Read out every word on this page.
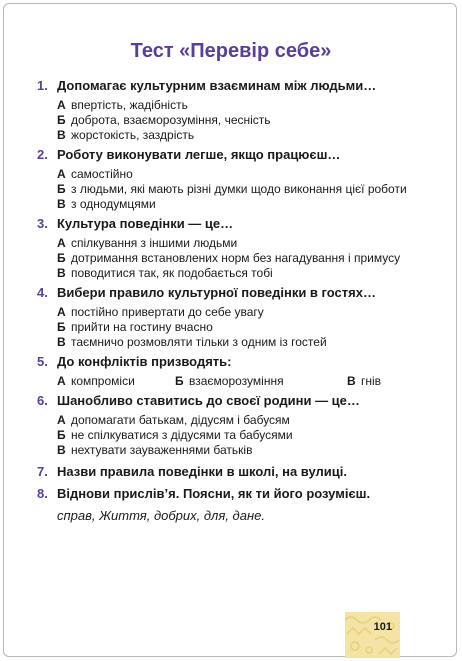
Тест «Перевір себе»
1. Допомагає культурним взаєминам між людьми…
А впертість, жадібність
Б доброта, взаєморозуміння, чесність
В жорстокість, заздрість
2. Роботу виконувати легше, якщо працюєш…
А самостійно
Б з людьми, які мають різні думки щодо виконання цієї роботи
В з однодумцями
3. Культура поведінки — це…
А спілкування з іншими людьми
Б дотримання встановлених норм без нагадування і примусу
В поводитися так, як подобається тобі
4. Вибери правило культурної поведінки в гостях…
А постійно привертати до себе увагу
Б прийти на гостину вчасно
В таємничо розмовляти тільки з одним із гостей
5. До конфліктів призводять:
А компроміси	Б взаєморозуміння	В гнів
6. Шанобливо ставитись до своєї родини — це…
А допомагати батькам, дідусям і бабусям
Б не спілкуватися з дідусями та бабусями
В нехтувати зауваженнями батьків
7. Назви правила поведінки в школі, на вулиці.
8. Віднови прислів’я. Поясни, як ти його розумієш.
справ, Життя, добрих, для, дане.
101
